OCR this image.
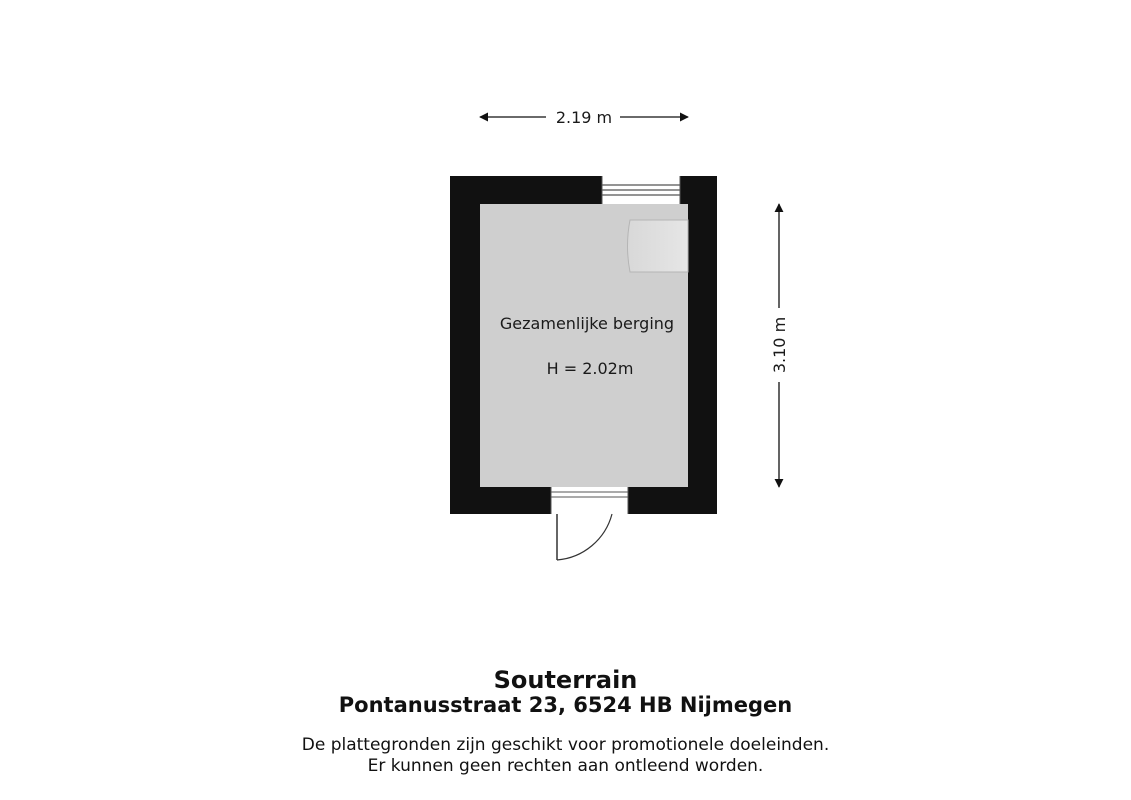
2.19 m
3.10 m
Gezamenlijke berging
H = 2.02m
Souterrain
Pontanusstraat 23, 6524 HB Nijmegen
De plattegronden zijn geschikt voor promotionele doeleinden.
Er kunnen geen rechten aan ontleend worden.
